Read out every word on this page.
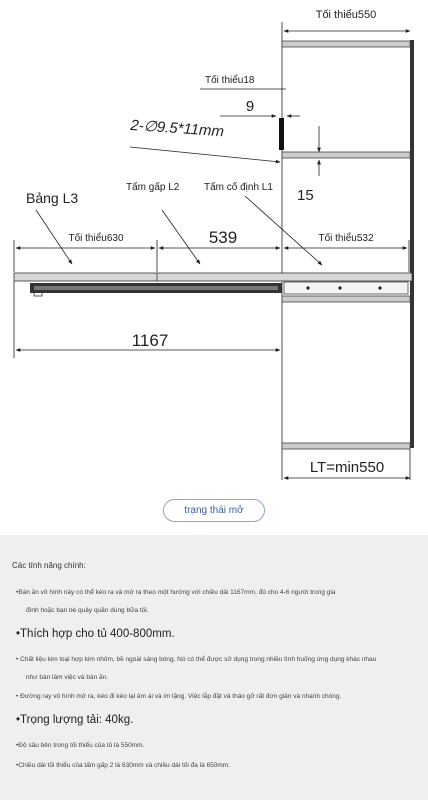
Tối thiểu550
Tối thiểu18
9
2-∅9.5*11mm
15
Bảng L3
Tấm gấp L2 Tấm cố định L1
Tối thiểu630	539	Tối thiểu532
1167
LT=min550
trạng thái mở
Các tính năng chính:
•Bàn ăn vô hình này có thể kéo ra và mở ra theo một hướng với chiều dài 1167mm, đủ cho 4-6 người trong gia
đình hoặc bạn bè quây quần dùng bữa tối.
•Thích hợp cho tủ 400-800mm.
• Chất liệu kim loại hợp kim nhôm, bề ngoài sáng bóng. Nó có thể được sử dụng trong nhiều tình huống ứng dụng khác nhau
như bàn làm việc và bàn ăn.
• Đường ray vô hình mở ra, kéo đi kéo lại êm ái và im lặng. Việc lắp đặt và tháo gỡ rất đơn giản và nhanh chóng.
•Trọng lượng tải: 40kg.
•Độ sâu bên trong tối thiểu của tủ là 550mm.
•Chiều dài tối thiểu của tấm gấp 2 là 630mm và chiều dài tối đa là 650mm.
